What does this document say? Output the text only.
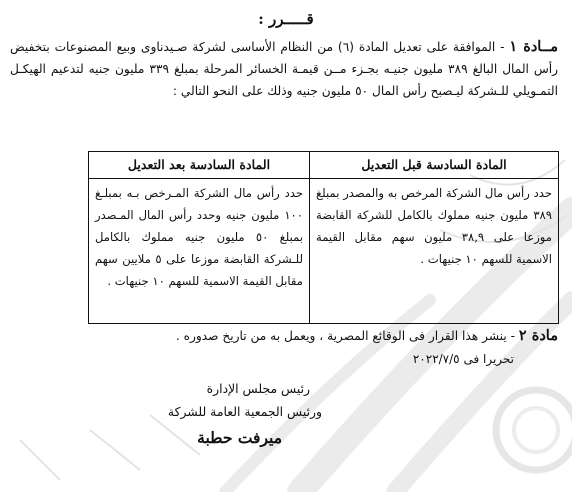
قـــــرر :

مــادة ١ - الموافقة على تعديل المادة (٦) من النظام الأساسى لشركة صـيدناوى وبيع المصنوعات بتخفيض رأس المال البالغ ٣٨٩ مليون جنيـه بجـزء مــن قيمـة الخسائر المرحلة بمبلغ ٣٣٩ مليون جنيه لتدعيم الهيكـل التمـويلي للـشركة ليـصبح رأس المال ٥٠ مليون جنيه وذلك على النحو التالي :

المادة السادسة قبل التعديل	المادة السادسة بعد التعديل
حدد رأس مال الشركة المرخص به والمصدر بمبلغ ٣٨٩ مليون جنيه مملوك بالكامل للشركة القابضة موزعا على ٣٨,٩ مليون سهم مقابل القيمة الاسمية للسهم ١٠ جنيهات .	حدد رأس مال الشركة المـرخص بـه بمبلـغ ١٠٠ مليون جنيه وحدد رأس المال المـصدر بمبلغ ٥٠ مليون جنيه مملوك بالكامل للـشركة القابضة موزعا على ٥ ملايين سهم مقابل القيمة الاسمية للسهم ١٠ جنيهات .

مادة ٢ - ينشر هذا القرار فى الوقائع المصرية ، ويعمل به من تاريخ صدوره .

تحريرا فى ٢٠٢٢/٧/٥
رئيس مجلس الإدارة
ورئيس الجمعية العامة للشركة
ميرفت حطبة
